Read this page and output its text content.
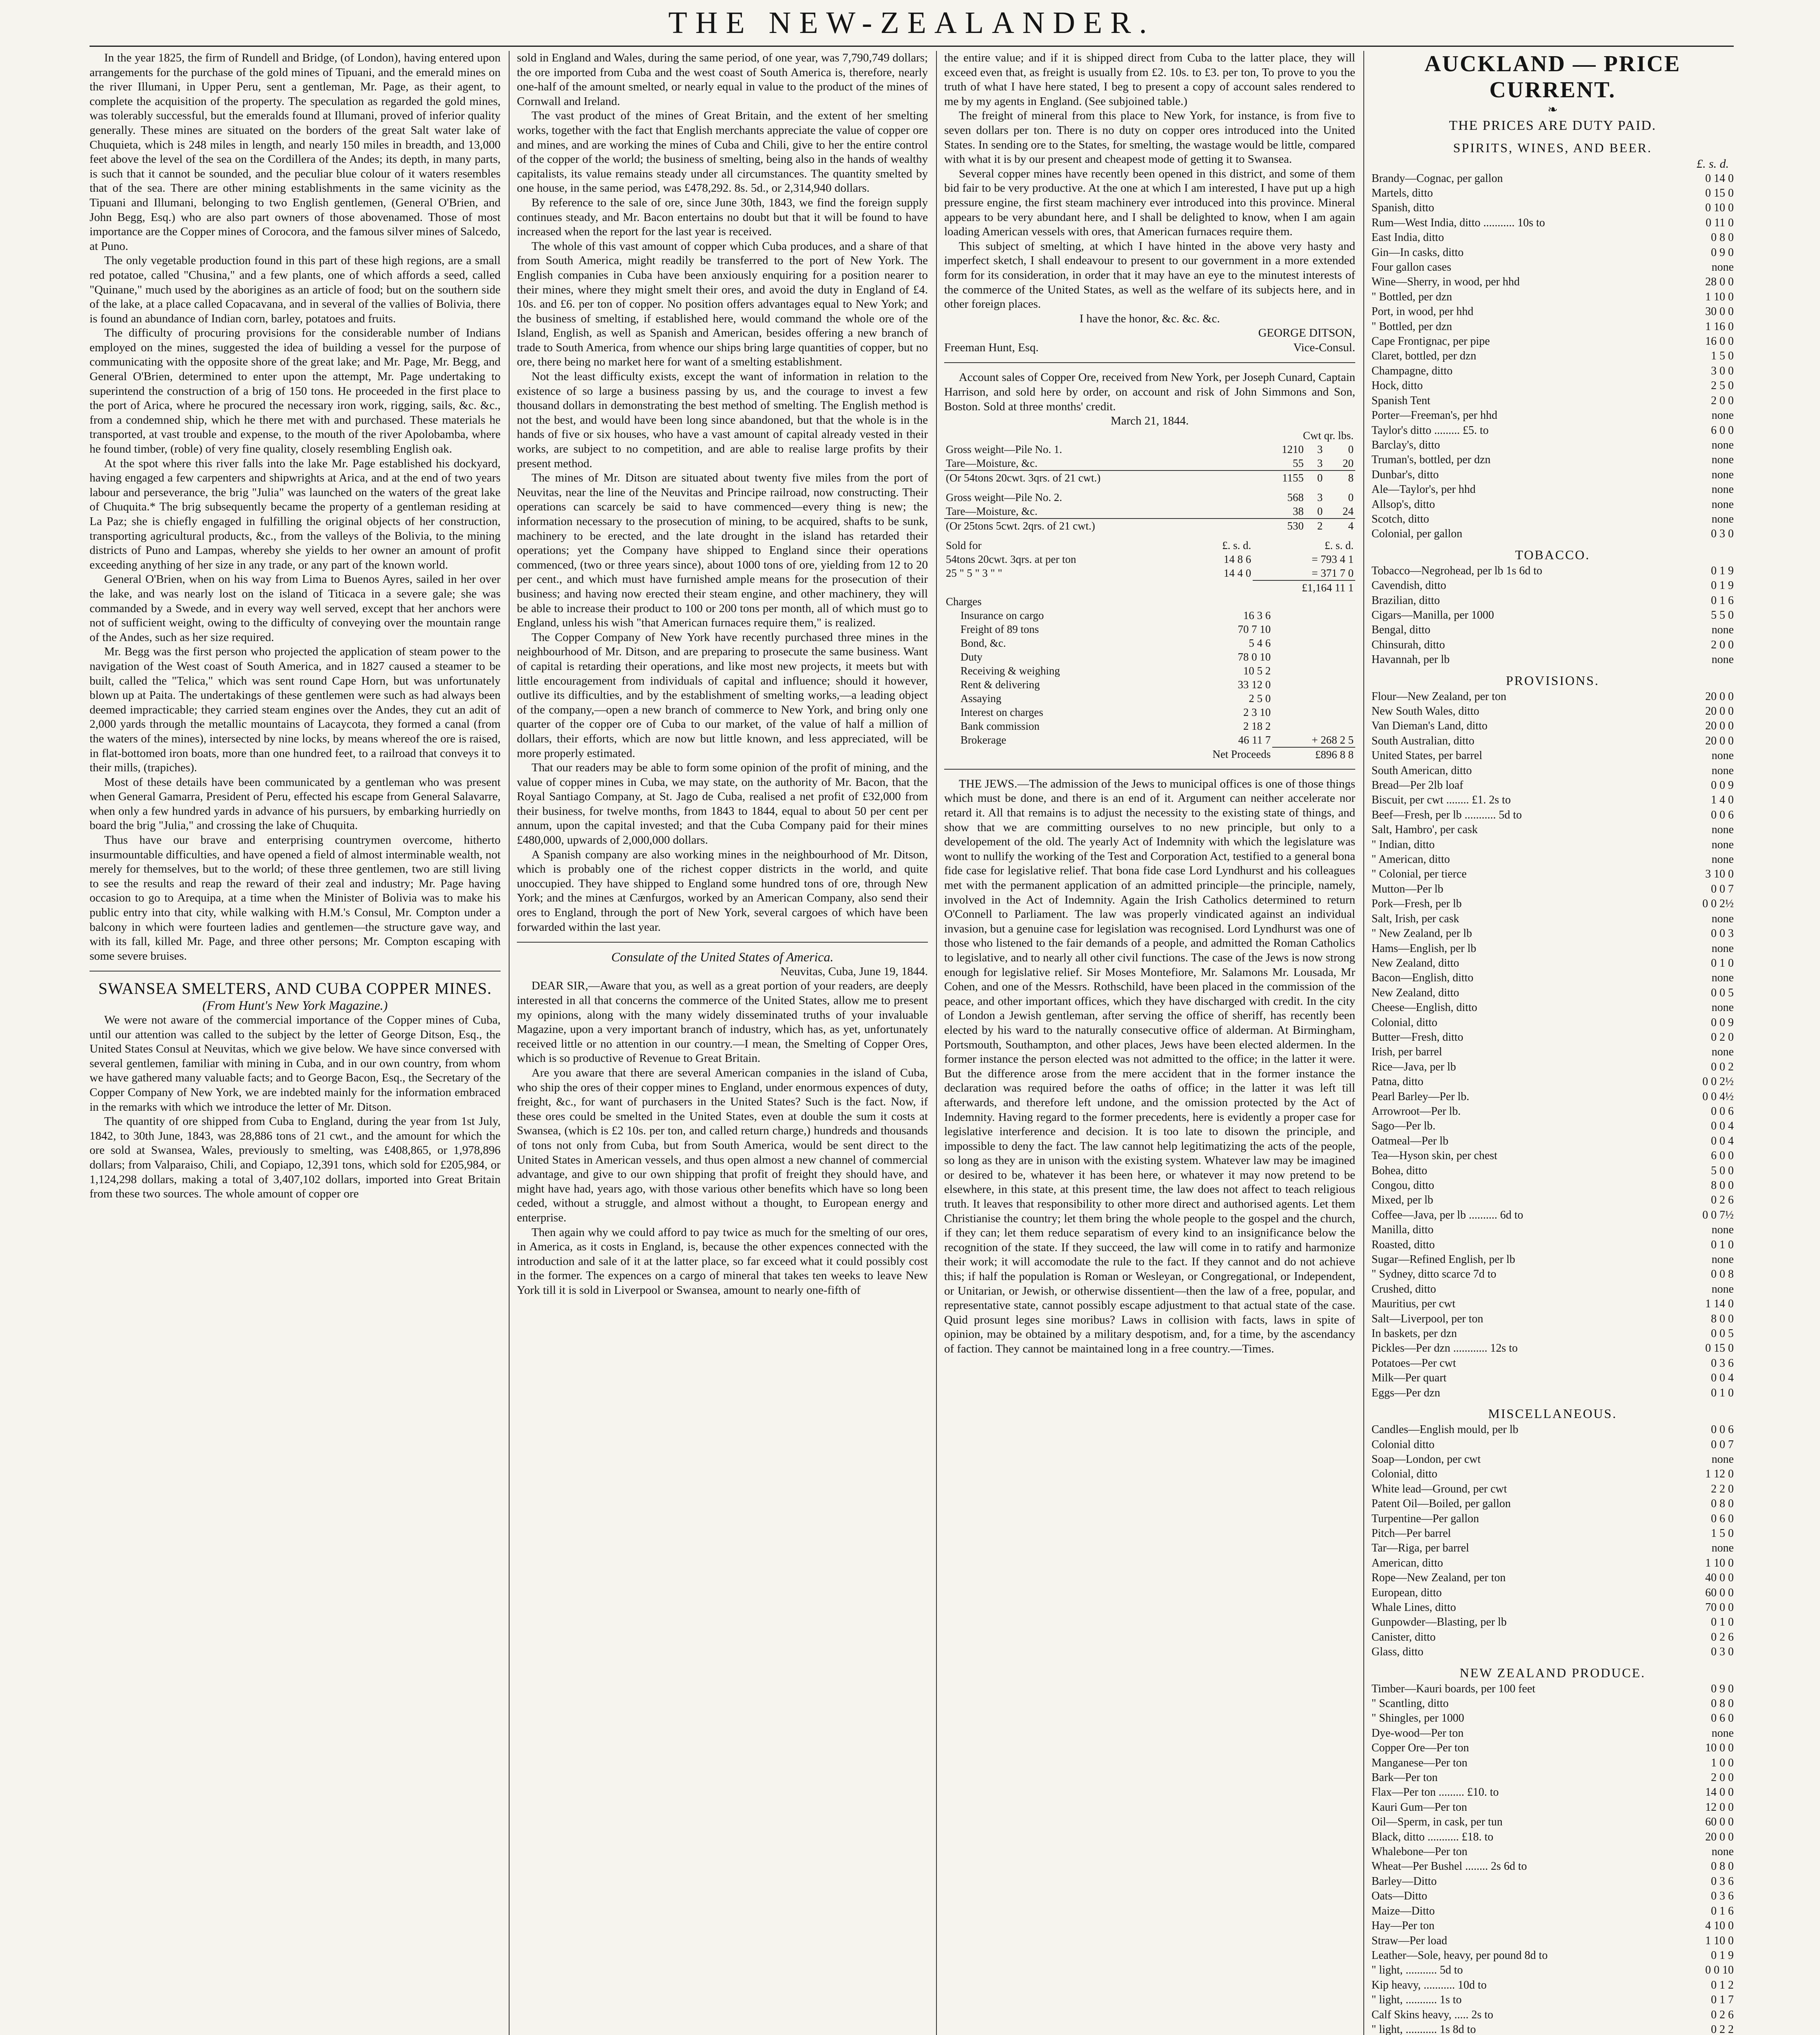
THE NEW-ZEALANDER.

In the year 1825, the firm of Rundell and Bridge, (of London), having entered upon arrangements for the purchase of the gold mines of Tipuani, and the emerald mines on the river Illumani, in Upper Peru, sent a gentleman, Mr. Page, as their agent, to complete the acquisition of the property. The speculation as regarded the gold mines, was tolerably successful, but the emeralds found at Illumani, proved of inferior quality generally. These mines are situated on the borders of the great Salt water lake of Chuquieta, which is 248 miles in length, and nearly 150 miles in breadth, and 13,000 feet above the level of the sea on the Cordillera of the Andes; its depth, in many parts, is such that it cannot be sounded, and the peculiar blue colour of it waters resembles that of the sea. There are other mining establishments in the same vicinity as the Tipuani and Illumani, belonging to two English gentlemen, (General O'Brien, and John Begg, Esq.) who are also part owners of those abovenamed. Those of most importance are the Copper mines of Corocora, and the famous silver mines of Salcedo, at Puno.

The only vegetable production found in this part of these high regions, are a small red potatoe, called "Chusina," and a few plants, one of which affords a seed, called "Quinane," much used by the aborigines as an article of food; but on the southern side of the lake, at a place called Copacavana, and in several of the vallies of Bolivia, there is found an abundance of Indian corn, barley, potatoes and fruits.

The difficulty of procuring provisions for the considerable number of Indians employed on the mines, suggested the idea of building a vessel for the purpose of communicating with the opposite shore of the great lake; and Mr. Page, Mr. Begg, and General O'Brien, determined to enter upon the attempt, Mr. Page undertaking to superintend the construction of a brig of 150 tons. He proceeded in the first place to the port of Arica, where he procured the necessary iron work, rigging, sails, &c. &c., from a condemned ship, which he there met with and purchased. These materials he transported, at vast trouble and expense, to the mouth of the river Apolobamba, where he found timber, (roble) of very fine quality, closely resembling English oak.

At the spot where this river falls into the lake Mr. Page established his dockyard, having engaged a few carpenters and shipwrights at Arica, and at the end of two years labour and perseverance, the brig "Julia" was launched on the waters of the great lake of Chuquita.* The brig subsequently became the property of a gentleman residing at La Paz; she is chiefly engaged in fulfilling the original objects of her construction, transporting agricultural products, &c., from the valleys of the Bolivia, to the mining districts of Puno and Lampas, whereby she yields to her owner an amount of profit exceeding anything of her size in any trade, or any part of the known world.

General O'Brien, when on his way from Lima to Buenos Ayres, sailed in her over the lake, and was nearly lost on the island of Titicaca in a severe gale; she was commanded by a Swede, and in every way well served, except that her anchors were not of sufficient weight, owing to the difficulty of conveying over the mountain range of the Andes, such as her size required.

Mr. Begg was the first person who projected the application of steam power to the navigation of the West coast of South America, and in 1827 caused a steamer to be built, called the "Telica," which was sent round Cape Horn, but was unfortunately blown up at Paita. The undertakings of these gentlemen were such as had always been deemed impracticable; they carried steam engines over the Andes, they cut an adit of 2,000 yards through the metallic mountains of Lacaycota, they formed a canal (from the waters of the mines), intersected by nine locks, by means whereof the ore is raised, in flat-bottomed iron boats, more than one hundred feet, to a railroad that conveys it to their mills, (trapiches).

Most of these details have been communicated by a gentleman who was present when General Gamarra, President of Peru, effected his escape from General Salavarre, when only a few hundred yards in advance of his pursuers, by embarking hurriedly on board the brig "Julia," and crossing the lake of Chuquita.

Thus have our brave and enterprising countrymen overcome, hitherto insurmountable difficulties, and have opened a field of almost interminable wealth, not merely for themselves, but to the world; of these three gentlemen, two are still living to see the results and reap the reward of their zeal and industry; Mr. Page having occasion to go to Arequipa, at a time when the Minister of Bolivia was to make his public entry into that city, while walking with H.M.'s Consul, Mr. Compton under a balcony in which were fourteen ladies and gentlemen—the structure gave way, and with its fall, killed Mr. Page, and three other persons; Mr. Compton escaping with some severe bruises.

SWANSEA SMELTERS, AND CUBA COPPER MINES.

(From Hunt's New York Magazine.)

We were not aware of the commercial importance of the Copper mines of Cuba, until our attention was called to the subject by the letter of George Ditson, Esq., the United States Consul at Neuvitas, which we give below. We have since conversed with several gentlemen, familiar with mining in Cuba, and in our own country, from whom we have gathered many valuable facts; and to George Bacon, Esq., the Secretary of the Copper Company of New York, we are indebted mainly for the information embraced in the remarks with which we introduce the letter of Mr. Ditson.

The quantity of ore shipped from Cuba to England, during the year from 1st July, 1842, to 30th June, 1843, was 28,886 tons of 21 cwt., and the amount for which the ore sold at Swansea, Wales, previously to smelting, was £408,865, or 1,978,896 dollars; from Valparaiso, Chili, and Copiapo, 12,391 tons, which sold for £205,984, or 1,124,298 dollars, making a total of 3,407,102 dollars, imported into Great Britain from these two sources. The whole amount of copper ore

sold in England and Wales, during the same period, of one year, was 7,790,749 dollars; the ore imported from Cuba and the west coast of South America is, therefore, nearly one-half of the amount smelted, or nearly equal in value to the product of the mines of Cornwall and Ireland.

The vast product of the mines of Great Britain, and the extent of her smelting works, together with the fact that English merchants appreciate the value of copper ore and mines, and are working the mines of Cuba and Chili, give to her the entire control of the copper of the world; the business of smelting, being also in the hands of wealthy capitalists, its value remains steady under all circumstances. The quantity smelted by one house, in the same period, was £478,292. 8s. 5d., or 2,314,940 dollars.

By reference to the sale of ore, since June 30th, 1843, we find the foreign supply continues steady, and Mr. Bacon entertains no doubt but that it will be found to have increased when the report for the last year is received.

The whole of this vast amount of copper which Cuba produces, and a share of that from South America, might readily be transferred to the port of New York. The English companies in Cuba have been anxiously enquiring for a position nearer to their mines, where they might smelt their ores, and avoid the duty in England of £4. 10s. and £6. per ton of copper. No position offers advantages equal to New York; and the business of smelting, if established here, would command the whole ore of the Island, English, as well as Spanish and American, besides offering a new branch of trade to South America, from whence our ships bring large quantities of copper, but no ore, there being no market here for want of a smelting establishment.

Not the least difficulty exists, except the want of information in relation to the existence of so large a business passing by us, and the courage to invest a few thousand dollars in demonstrating the best method of smelting. The English method is not the best, and would have been long since abandoned, but that the whole is in the hands of five or six houses, who have a vast amount of capital already vested in their works, are subject to no competition, and are able to realise large profits by their present method.

The mines of Mr. Ditson are situated about twenty five miles from the port of Neuvitas, near the line of the Neuvitas and Principe railroad, now constructing. Their operations can scarcely be said to have commenced—every thing is new; the information necessary to the prosecution of mining, to be acquired, shafts to be sunk, machinery to be erected, and the late drought in the island has retarded their operations; yet the Company have shipped to England since their operations commenced, (two or three years since), about 1000 tons of ore, yielding from 12 to 20 per cent., and which must have furnished ample means for the prosecution of their business; and having now erected their steam engine, and other machinery, they will be able to increase their product to 100 or 200 tons per month, all of which must go to England, unless his wish "that American furnaces require them," is realized.

The Copper Company of New York have recently purchased three mines in the neighbourhood of Mr. Ditson, and are preparing to prosecute the same business. Want of capital is retarding their operations, and like most new projects, it meets but with little encouragement from individuals of capital and influence; should it however, outlive its difficulties, and by the establishment of smelting works,—a leading object of the company,—open a new branch of commerce to New York, and bring only one quarter of the copper ore of Cuba to our market, of the value of half a million of dollars, their efforts, which are now but little known, and less appreciated, will be more properly estimated.

That our readers may be able to form some opinion of the profit of mining, and the value of copper mines in Cuba, we may state, on the authority of Mr. Bacon, that the Royal Santiago Company, at St. Jago de Cuba, realised a net profit of £32,000 from their business, for twelve months, from 1843 to 1844, equal to about 50 per cent per annum, upon the capital invested; and that the Cuba Company paid for their mines £480,000, upwards of 2,000,000 dollars.

A Spanish company are also working mines in the neighbourhood of Mr. Ditson, which is probably one of the richest copper districts in the world, and quite unoccupied. They have shipped to England some hundred tons of ore, through New York; and the mines at Cænfurgos, worked by an American Company, also send their ores to England, through the port of New York, several cargoes of which have been forwarded within the last year.

Consulate of the United States of America.

Neuvitas, Cuba, June 19, 1844.

DEAR SIR,—Aware that you, as well as a great portion of your readers, are deeply interested in all that concerns the commerce of the United States, allow me to present my opinions, along with the many widely disseminated truths of your invaluable Magazine, upon a very important branch of industry, which has, as yet, unfortunately received little or no attention in our country.—I mean, the Smelting of Copper Ores, which is so productive of Revenue to Great Britain.

Are you aware that there are several American companies in the island of Cuba, who ship the ores of their copper mines to England, under enormous expences of duty, freight, &c., for want of purchasers in the United States? Such is the fact. Now, if these ores could be smelted in the United States, even at double the sum it costs at Swansea, (which is £2 10s. per ton, and called return charge,) hundreds and thousands of tons not only from Cuba, but from South America, would be sent direct to the United States in American vessels, and thus open almost a new channel of commercial advantage, and give to our own shipping that profit of freight they should have, and might have had, years ago, with those various other benefits which have so long been ceded, without a struggle, and almost without a thought, to European energy and enterprise.

Then again why we could afford to pay twice as much for the smelting of our ores, in America, as it costs in England, is, because the other expences connected with the introduction and sale of it at the latter place, so far exceed what it could possibly cost in the former. The expences on a cargo of mineral that takes ten weeks to leave New York till it is sold in Liverpool or Swansea, amount to nearly one-fifth of

the entire value; and if it is shipped direct from Cuba to the latter place, they will exceed even that, as freight is usually from £2. 10s. to £3. per ton, To prove to you the truth of what I have here stated, I beg to present a copy of account sales rendered to me by my agents in England. (See subjoined table.)

The freight of mineral from this place to New York, for instance, is from five to seven dollars per ton. There is no duty on copper ores introduced into the United States. In sending ore to the States, for smelting, the wastage would be little, compared with what it is by our present and cheapest mode of getting it to Swansea.

Several copper mines have recently been opened in this district, and some of them bid fair to be very productive. At the one at which I am interested, I have put up a high pressure engine, the first steam machinery ever introduced into this province. Mineral appears to be very abundant here, and I shall be delighted to know, when I am again loading American vessels with ores, that American furnaces require them.

This subject of smelting, at which I have hinted in the above very hasty and imperfect sketch, I shall endeavour to present to our government in a more extended form for its consideration, in order that it may have an eye to the minutest interests of the commerce of the United States, as well as the welfare of its subjects here, and in other foreign places.

I have the honor, &c. &c. &c.

GEORGE DITSON,

Freeman Hunt, Esq.	Vice-Consul.

Account sales of Copper Ore, received from New York, per Joseph Cunard, Captain Harrison, and sold here by order, on account and risk of John Simmons and Son, Boston. Sold at three months' credit.

March 21, 1844.

	Cwt qr. lbs.		
Gross weight—Pile No. 1.	1210	3	0
Tare—Moisture, &c.	55	3	20
(Or 54tons 20cwt. 3qrs. of 21 cwt.)	1155	0	8

Gross weight—Pile No. 2.	568	3	0
Tare—Moisture, &c.	38	0	24
(Or 25tons 5cwt. 2qrs. of 21 cwt.)	530	2	4

Sold for	£. s. d.	£. s. d.
54tons 20cwt. 3qrs. at per ton	14 8 6	= 793 4 1
25 " 5 " 3 " "	14 4 0	= 371 7 0
		£1,164 11 1
Charges		
Insurance on cargo	16 3 6	
Freight of 89 tons	70 7 10	
Bond, &c.	5 4 6	
Duty	78 0 10	
Receiving & weighing	10 5 2	
Rent & delivering	33 12 0	
Assaying	2 5 0	
Interest on charges	2 3 10	
Bank commission	2 18 2	
Brokerage	46 11 7	+ 268 2 5
	Net Proceeds	£896 8 8

THE JEWS.—The admission of the Jews to municipal offices is one of those things which must be done, and there is an end of it. Argument can neither accelerate nor retard it. All that remains is to adjust the necessity to the existing state of things, and show that we are committing ourselves to no new principle, but only to a developement of the old. The yearly Act of Indemnity with which the legislature was wont to nullify the working of the Test and Corporation Act, testified to a general bona fide case for legislative relief. That bona fide case Lord Lyndhurst and his colleagues met with the permanent application of an admitted principle—the principle, namely, involved in the Act of Indemnity. Again the Irish Catholics determined to return O'Connell to Parliament. The law was properly vindicated against an individual invasion, but a genuine case for legislation was recognised. Lord Lyndhurst was one of those who listened to the fair demands of a people, and admitted the Roman Catholics to legislative, and to nearly all other civil functions. The case of the Jews is now strong enough for legislative relief. Sir Moses Montefiore, Mr. Salamons Mr. Lousada, Mr Cohen, and one of the Messrs. Rothschild, have been placed in the commission of the peace, and other important offices, which they have discharged with credit. In the city of London a Jewish gentleman, after serving the office of sheriff, has recently been elected by his ward to the naturally consecutive office of alderman. At Birmingham, Portsmouth, Southampton, and other places, Jews have been elected aldermen. In the former instance the person elected was not admitted to the office; in the latter it were. But the difference arose from the mere accident that in the former instance the declaration was required before the oaths of office; in the latter it was left till afterwards, and therefore left undone, and the omission protected by the Act of Indemnity. Having regard to the former precedents, here is evidently a proper case for legislative interference and decision. It is too late to disown the principle, and impossible to deny the fact. The law cannot help legitimatizing the acts of the people, so long as they are in unison with the existing system. Whatever law may be imagined or desired to be, whatever it has been here, or whatever it may now pretend to be elsewhere, in this state, at this present time, the law does not affect to teach religious truth. It leaves that responsibility to other more direct and authorised agents. Let them Christianise the country; let them bring the whole people to the gospel and the church, if they can; let them reduce separatism of every kind to an insignificance below the recognition of the state. If they succeed, the law will come in to ratify and harmonize their work; it will accomodate the rule to the fact. If they cannot and do not achieve this; if half the population is Roman or Wesleyan, or Congregational, or Independent, or Unitarian, or Jewish, or otherwise dissentient—then the law of a free, popular, and representative state, cannot possibly escape adjustment to that actual state of the case. Quid prosunt leges sine moribus? Laws in collision with facts, laws in spite of opinion, may be obtained by a military despotism, and, for a time, by the ascendancy of faction. They cannot be maintained long in a free country.—Times.

AUCKLAND — PRICE CURRENT.
❧
THE PRICES ARE DUTY PAID.
SPIRITS, WINES, AND BEER.
£. s. d.
Brandy—Cognac, per gallon	0 14 0
Martels, ditto	0 15 0
Spanish, ditto	0 10 0
Rum—West India, ditto ........... 10s to	0 11 0
East India, ditto	0 8 0
Gin—In casks, ditto	0 9 0
Four gallon cases	none
Wine—Sherry, in wood, per hhd	28 0 0
" Bottled, per dzn	1 10 0
Port, in wood, per hhd	30 0 0
" Bottled, per dzn	1 16 0
Cape Frontignac, per pipe	16 0 0
Claret, bottled, per dzn	1 5 0
Champagne, ditto	3 0 0
Hock, ditto	2 5 0
Spanish Tent	2 0 0
Porter—Freeman's, per hhd	none
Taylor's ditto ......... £5. to	6 0 0
Barclay's, ditto	none
Truman's, bottled, per dzn	none
Dunbar's, ditto	none
Ale—Taylor's, per hhd	none
Allsop's, ditto	none
Scotch, ditto	none
Colonial, per gallon	0 3 0
TOBACCO.
Tobacco—Negrohead, per lb 1s 6d to	0 1 9
Cavendish, ditto	0 1 9
Brazilian, ditto	0 1 6
Cigars—Manilla, per 1000	5 5 0
Bengal, ditto	none
Chinsurah, ditto	2 0 0
Havannah, per lb	none
PROVISIONS.
Flour—New Zealand, per ton	20 0 0
New South Wales, ditto	20 0 0
Van Dieman's Land, ditto	20 0 0
South Australian, ditto	20 0 0
United States, per barrel	none
South American, ditto	none
Bread—Per 2lb loaf	0 0 9
Biscuit, per cwt ........ £1. 2s to	1 4 0
Beef—Fresh, per lb ........... 5d to	0 0 6
Salt, Hambro', per cask	none
" Indian, ditto	none
" American, ditto	none
" Colonial, per tierce	3 10 0
Mutton—Per lb	0 0 7
Pork—Fresh, per lb	0 0 2½
Salt, Irish, per cask	none
" New Zealand, per lb	0 0 3
Hams—English, per lb	none
New Zealand, ditto	0 1 0
Bacon—English, ditto	none
New Zealand, ditto	0 0 5
Cheese—English, ditto	none
Colonial, ditto	0 0 9
Butter—Fresh, ditto	0 2 0
Irish, per barrel	none
Rice—Java, per lb	0 0 2
Patna, ditto	0 0 2½
Pearl Barley—Per lb.	0 0 4½
Arrowroot—Per lb.	0 0 6
Sago—Per lb.	0 0 4
Oatmeal—Per lb	0 0 4
Tea—Hyson skin, per chest	6 0 0
Bohea, ditto	5 0 0
Congou, ditto	8 0 0
Mixed, per lb	0 2 6
Coffee—Java, per lb .......... 6d to	0 0 7½
Manilla, ditto	none
Roasted, ditto	0 1 0
Sugar—Refined English, per lb	none
" Sydney, ditto scarce 7d to	0 0 8
Crushed, ditto	none
Mauritius, per cwt	1 14 0
Salt—Liverpool, per ton	8 0 0
In baskets, per dzn	0 0 5
Pickles—Per dzn ............ 12s to	0 15 0
Potatoes—Per cwt	0 3 6
Milk—Per quart	0 0 4
Eggs—Per dzn	0 1 0
MISCELLANEOUS.
Candles—English mould, per lb	0 0 6
Colonial ditto	0 0 7
Soap—London, per cwt	none
Colonial, ditto	1 12 0
White lead—Ground, per cwt	2 2 0
Patent Oil—Boiled, per gallon	0 8 0
Turpentine—Per gallon	0 6 0
Pitch—Per barrel	1 5 0
Tar—Riga, per barrel	none
American, ditto	1 10 0
Rope—New Zealand, per ton	40 0 0
European, ditto	60 0 0
Whale Lines, ditto	70 0 0
Gunpowder—Blasting, per lb	0 1 0
Canister, ditto	0 2 6
Glass, ditto	0 3 0
NEW ZEALAND PRODUCE.
Timber—Kauri boards, per 100 feet	0 9 0
" Scantling, ditto	0 8 0
" Shingles, per 1000	0 6 0
Dye-wood—Per ton	none
Copper Ore—Per ton	10 0 0
Manganese—Per ton	1 0 0
Bark—Per ton	2 0 0
Flax—Per ton ......... £10. to	14 0 0
Kauri Gum—Per ton	12 0 0
Oil—Sperm, in cask, per tun	60 0 0
Black, ditto ........... £18. to	20 0 0
Whalebone—Per ton	none
Wheat—Per Bushel ........ 2s 6d to	0 8 0
Barley—Ditto	0 3 6
Oats—Ditto	0 3 6
Maize—Ditto	0 1 6
Hay—Per ton	4 10 0
Straw—Per load	1 10 0
Leather—Sole, heavy, per pound 8d to	0 1 9
" light, ........... 5d to	0 0 10
Kip heavy, ........... 10d to	0 1 2
" light, ........... 1s to	0 1 7
Calf Skins heavy, ..... 2s to	0 2 6
" light, ........... 1s 8d to	0 2 2
